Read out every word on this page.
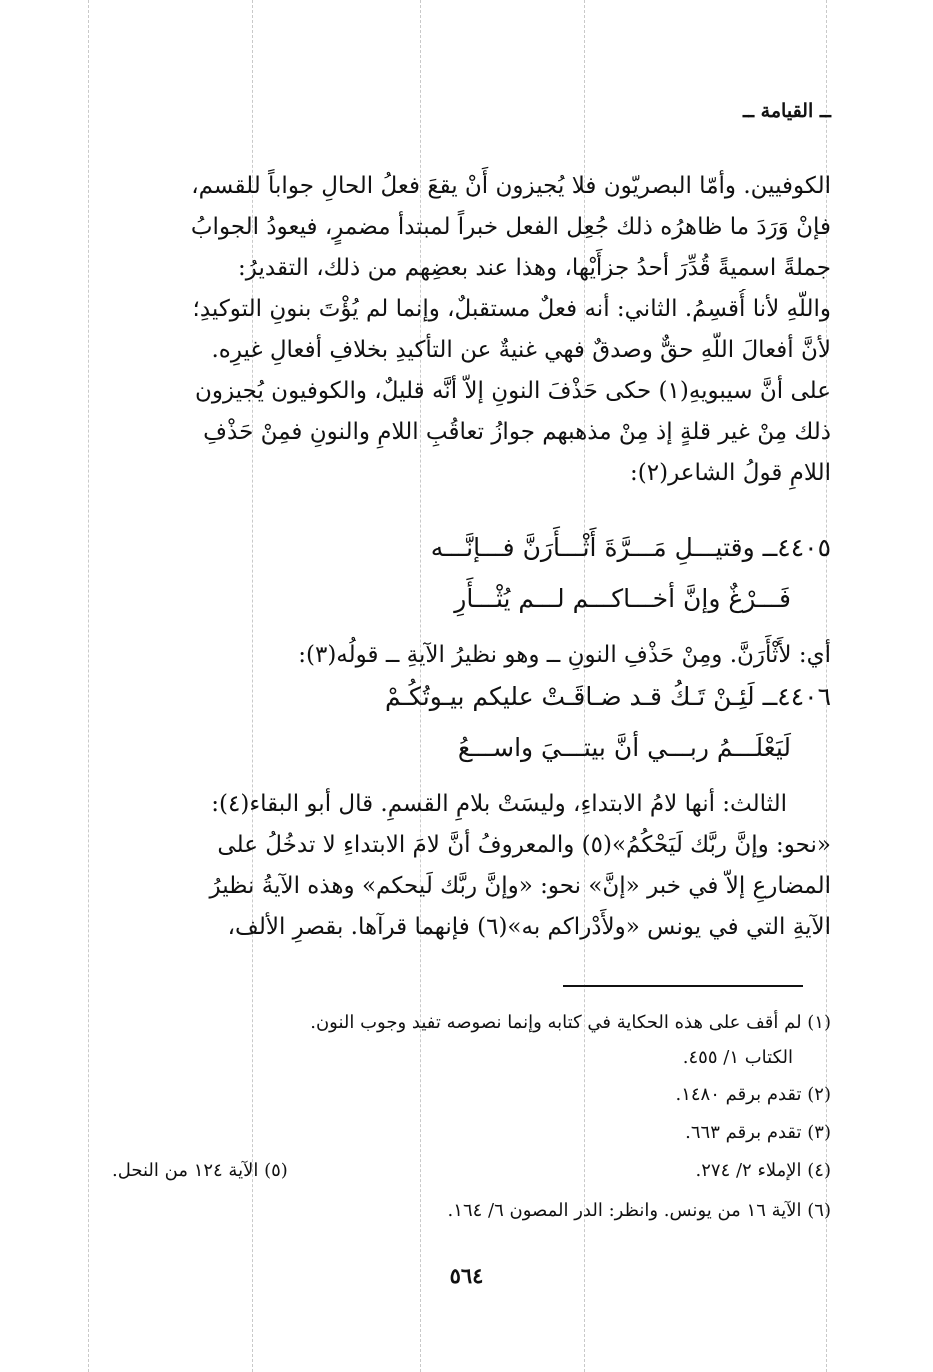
ــ القيامة ــ
الكوفيين. وأمّا البصريّون فلا يُجيزون أَنْ يقعَ فعلُ الحالِ جواباً للقسم،
فإنْ وَرَدَ ما ظاهرُه ذلك جُعِل الفعل خبراً لمبتدأ مضمرٍ، فيعودُ الجوابُ
جملةً اسميةً قُدِّرَ أحدُ جزأَيْها، وهذا عند بعضِهم من ذلك، التقديرُ:
واللّهِ لأنا أُقسِمُ. الثاني: أنه فعلٌ مستقبلٌ، وإنما لم يُؤْتَ بنونِ التوكيدِ؛
لأنَّ أفعالَ اللّهِ حقٌّ وصدقٌ فهي غنيةٌ عن التأكيدِ بخلافِ أفعالِ غيرِه.
على أنَّ سيبويهِ(١) حكى حَذْفَ النونِ إلاّ أنَّه قليلٌ، والكوفيون يُجيزون
ذلك مِنْ غير قلةٍ إذ مِنْ مذهبهم جوازُ تعاقُبِ اللامِ والنونِ فمِنْ حَذْفِ
اللامِ قولُ الشاعر(٢):
٤٤٠٥ــ وقتيـــلِ مَـــرَّةَ أَثْـــأَرَنَّ فـــإنَّـــه
فَـــرْغٌ وإنَّ أخـــاكـــم لـــم يُثْـــأَرِ
أي: لأَثْأَرَنَّ. ومِنْ حَذْفِ النونِ ــ وهو نظيرُ الآيةِ ــ قولُه(٣):
٤٤٠٦ــ لَئِـنْ تَـكُ قـد ضـاقَـتْ عليكم بيـوتُكُـمْ
لَيَعْلَـــمُ ربـــي أنَّ بيتـــيَ واســـعُ
الثالث: أنها لامُ الابتداءِ، وليسَتْ بلامِ القسمِ. قال أبو البقاء(٤):
«نحو: وإنَّ ربَّك لَيَحْكُمُ»(٥) والمعروفُ أنَّ لامَ الابتداءِ لا تدخُلُ على
المضارعِ إلاّ في خبر «إنَّ» نحو: «وإنَّ ربَّك لَيحكم» وهذه الآيةُ نظيرُ
الآيةِ التي في يونس «ولأَدْراكم به»(٦) فإنهما قرآها. بقصرِ الألف،
(١) لم أقف على هذه الحكاية في كتابه وإنما نصوصه تفيد وجوب النون.
الكتاب ١/ ٤٥٥.
(٢) تقدم برقم ١٤٨٠.
(٣) تقدم برقم ٦٦٣.
(٤) الإملاء ٢/ ٢٧٤.
(٥) الآية ١٢٤ من النحل.
(٦) الآية ١٦ من يونس. وانظر: الدر المصون ٦/ ١٦٤.
٥٦٤
